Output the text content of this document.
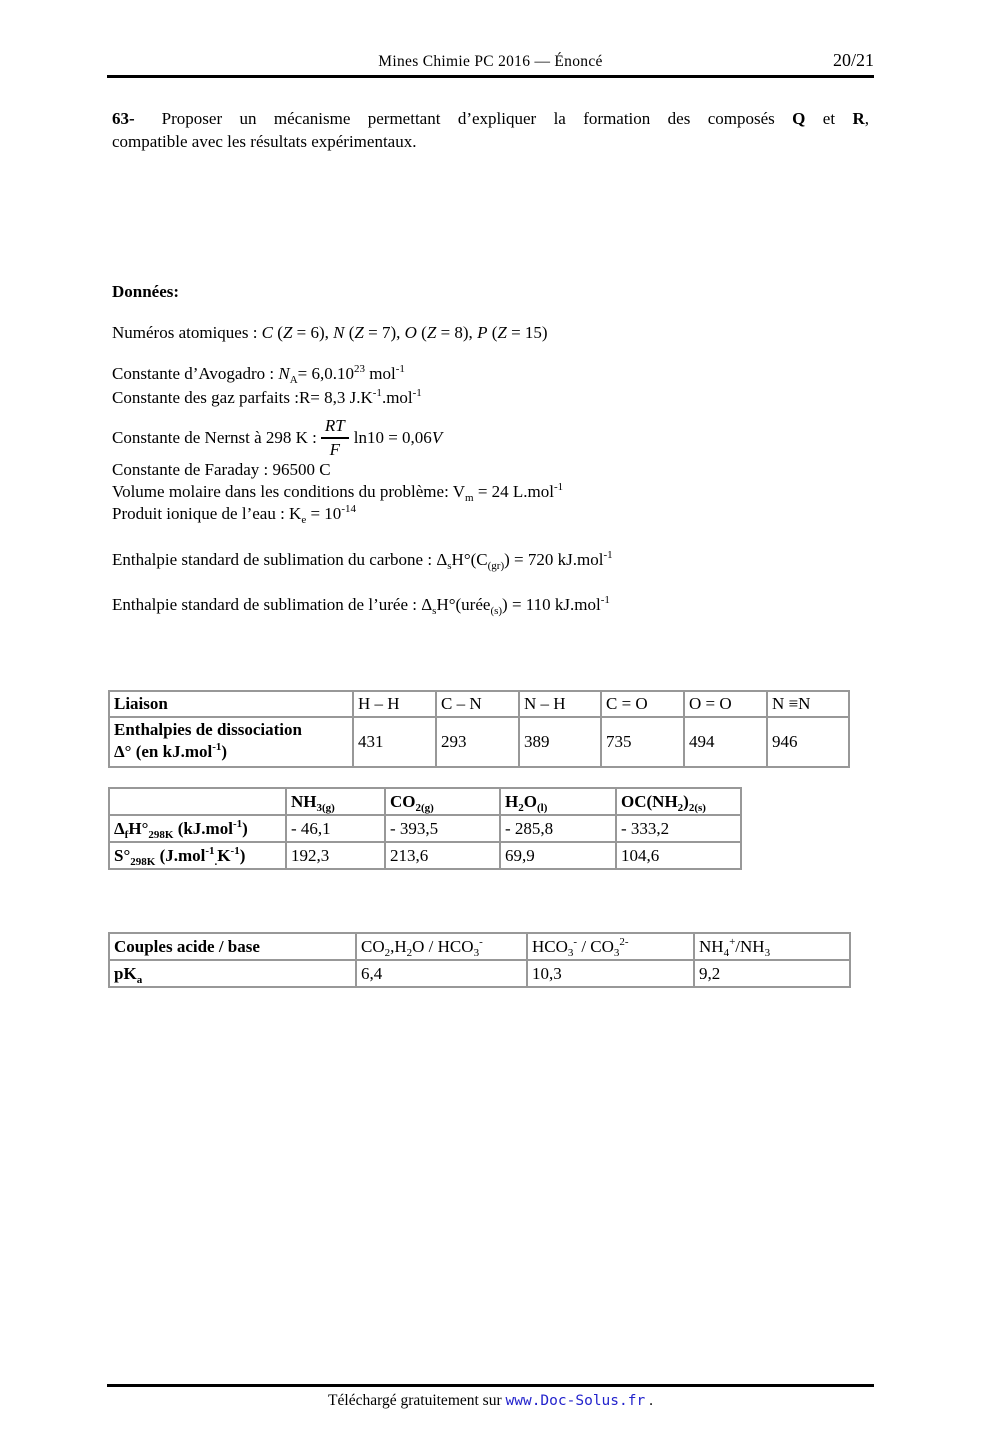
Mines Chimie PC 2016 — Énoncé	20/21
63- Proposer un mécanisme permettant d’expliquer la formation des composés Q et R,
compatible avec les résultats expérimentaux.
Données:
Numéros atomiques : C (Z = 6), N (Z = 7), O (Z = 8), P (Z = 15)
Constante d’Avogadro : $N_A= 6,0.10^{23}$ mol$^{-1}$
Constante des gaz parfaits :R= 8,3 $J.K^{-1}.mol^{-1}$
Constante de Nernst à 298 K : $\frac{RT}{F} \ln 10 = 0,06V$
Constante de Faraday : 96500 C
Volume molaire dans les conditions du problème: $V_m = 24$ L.mol$^{-1}$
Produit ionique de l’eau : $K_e = 10^{-14}$
Enthalpie standard de sublimation du carbone : $\Delta_sH^\circ(C_{(gr)}) = 720$ kJ.mol$^{-1}$
Enthalpie standard de sublimation de l’urée : $\Delta_sH^\circ(urée_{(s)}) = 110$ kJ.mol$^{-1}$
Liaison	H – H	C – N	N – H	C = O	O = O	N ≡N
Enthalpies de dissociation
Δ° (en kJ.mol$^{-1}$)	431	293	389	735	494	946
	$NH_{3(g)}$	$CO_{2(g)}$	$H_2O_{(l)}$	$OC(NH_2)_{2(s)}$
$\Delta_fH^\circ_{298K}$ (kJ.mol$^{-1}$)	- 46,1	- 393,5	- 285,8	- 333,2
$S^\circ_{298K}$ $(J.mol^{-1}_.K^{-1})$	192,3	213,6	69,9	104,6
Couples acide / base	$CO_2,H_2O / HCO_3^-$	$HCO_3^- / CO_3^{2-}$	$NH_4^+/NH_3$
$pK_a$	6,4	10,3	9,2
Téléchargé gratuitement sur www.Doc-Solus.fr .
